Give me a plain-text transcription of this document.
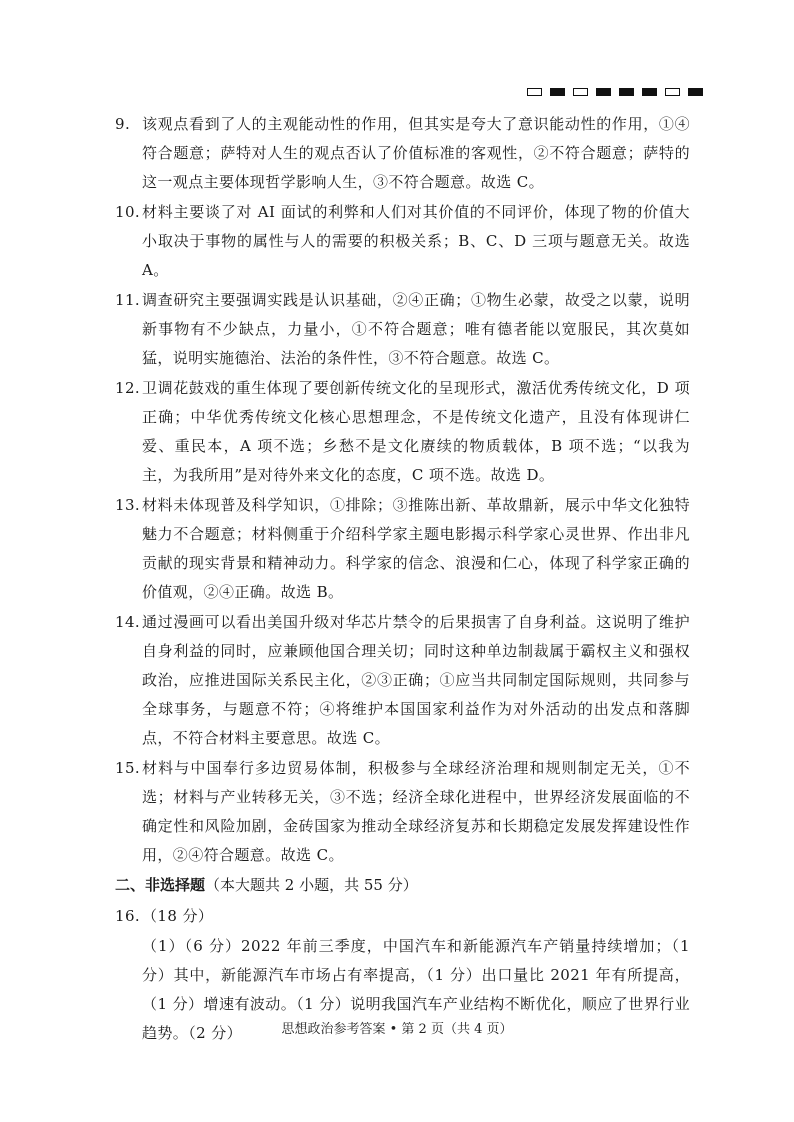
9. 该观点看到了人的主观能动性的作用，但其实是夸大了意识能动性的作用，①④符合题意；萨特对人生的观点否认了价值标准的客观性，②不符合题意；萨特的这一观点主要体现哲学影响人生，③不符合题意。故选 C。
10. 材料主要谈了对 AI 面试的利弊和人们对其价值的不同评价，体现了物的价值大小取决于事物的属性与人的需要的积极关系；B、C、D 三项与题意无关。故选 A。
11. 调查研究主要强调实践是认识基础，②④正确；①物生必蒙，故受之以蒙，说明新事物有不少缺点，力量小，①不符合题意；唯有德者能以宽服民，其次莫如猛，说明实施德治、法治的条件性，③不符合题意。故选 C。
12. 卫调花鼓戏的重生体现了要创新传统文化的呈现形式，激活优秀传统文化，D 项正确；中华优秀传统文化核心思想理念，不是传统文化遗产，且没有体现讲仁爱、重民本，A 项不选；乡愁不是文化赓续的物质载体，B 项不选；“以我为主，为我所用”是对待外来文化的态度，C 项不选。故选 D。
13. 材料未体现普及科学知识，①排除；③推陈出新、革故鼎新，展示中华文化独特魅力不合题意；材料侧重于介绍科学家主题电影揭示科学家心灵世界、作出非凡贡献的现实背景和精神动力。科学家的信念、浪漫和仁心，体现了科学家正确的价值观，②④正确。故选 B。
14. 通过漫画可以看出美国升级对华芯片禁令的后果损害了自身利益。这说明了维护自身利益的同时，应兼顾他国合理关切；同时这种单边制裁属于霸权主义和强权政治，应推进国际关系民主化，②③正确；①应当共同制定国际规则，共同参与全球事务，与题意不符；④将维护本国国家利益作为对外活动的出发点和落脚点，不符合材料主要意思。故选 C。
15. 材料与中国奉行多边贸易体制，积极参与全球经济治理和规则制定无关，①不选；材料与产业转移无关，③不选；经济全球化进程中，世界经济发展面临的不确定性和风险加剧，金砖国家为推动全球经济复苏和长期稳定发展发挥建设性作用，②④符合题意。故选 C。
二、非选择题（本大题共 2 小题，共 55 分）
16. （18 分）
（1）（6 分）2022 年前三季度，中国汽车和新能源汽车产销量持续增加；（1 分）其中，新能源汽车市场占有率提高，（1 分）出口量比 2021 年有所提高，（1 分）增速有波动。（1 分）说明我国汽车产业结构不断优化，顺应了世界行业趋势。（2 分）	思想政治参考答案 • 第 2 页（共 4 页）
